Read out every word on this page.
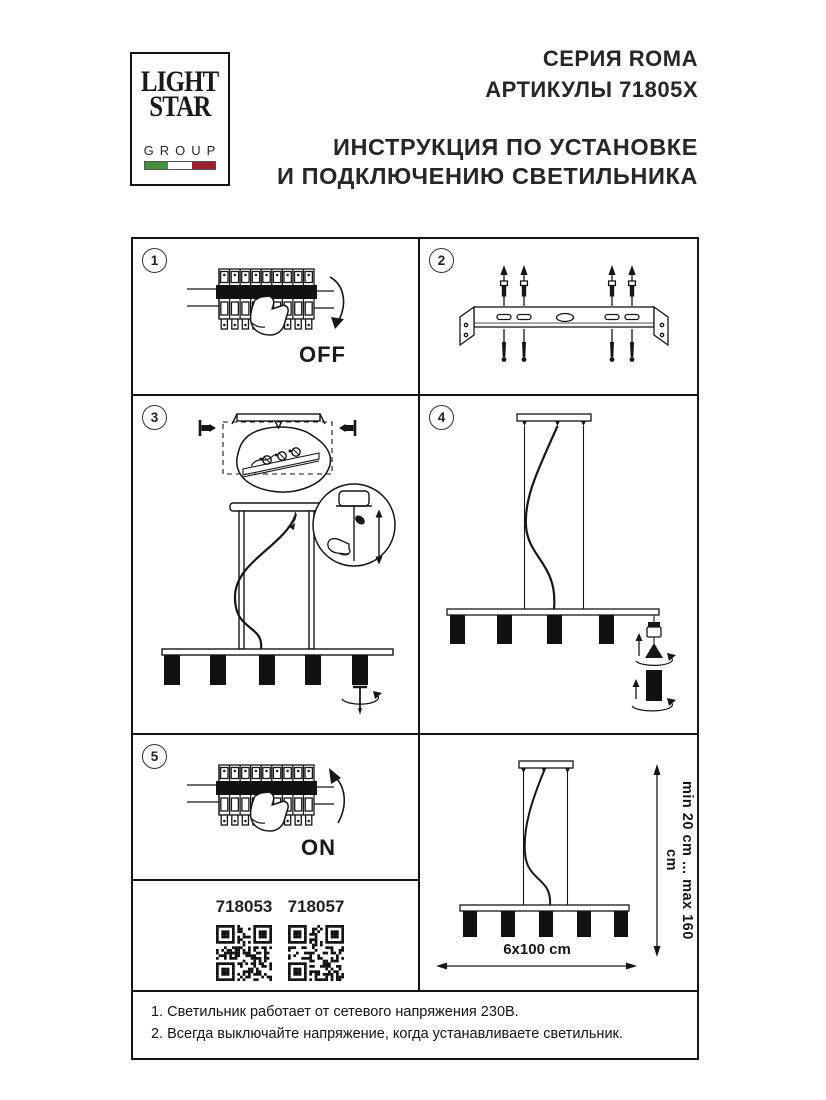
LIGHT
STAR
GROUP
СЕРИЯ ROMA
АРТИКУЛЫ 71805X
ИНСТРУКЦИЯ ПО УСТАНОВКЕ
И ПОДКЛЮЧЕНИЮ СВЕТИЛЬНИКА
1
OFF
2
3	4
5
ON
718053 718057
6x100 cm
min 20 cm ... max 160 cm
1. Светильник работает от сетевого напряжения 230В.
2. Всегда выключайте напряжение, когда устанавливаете светильник.
